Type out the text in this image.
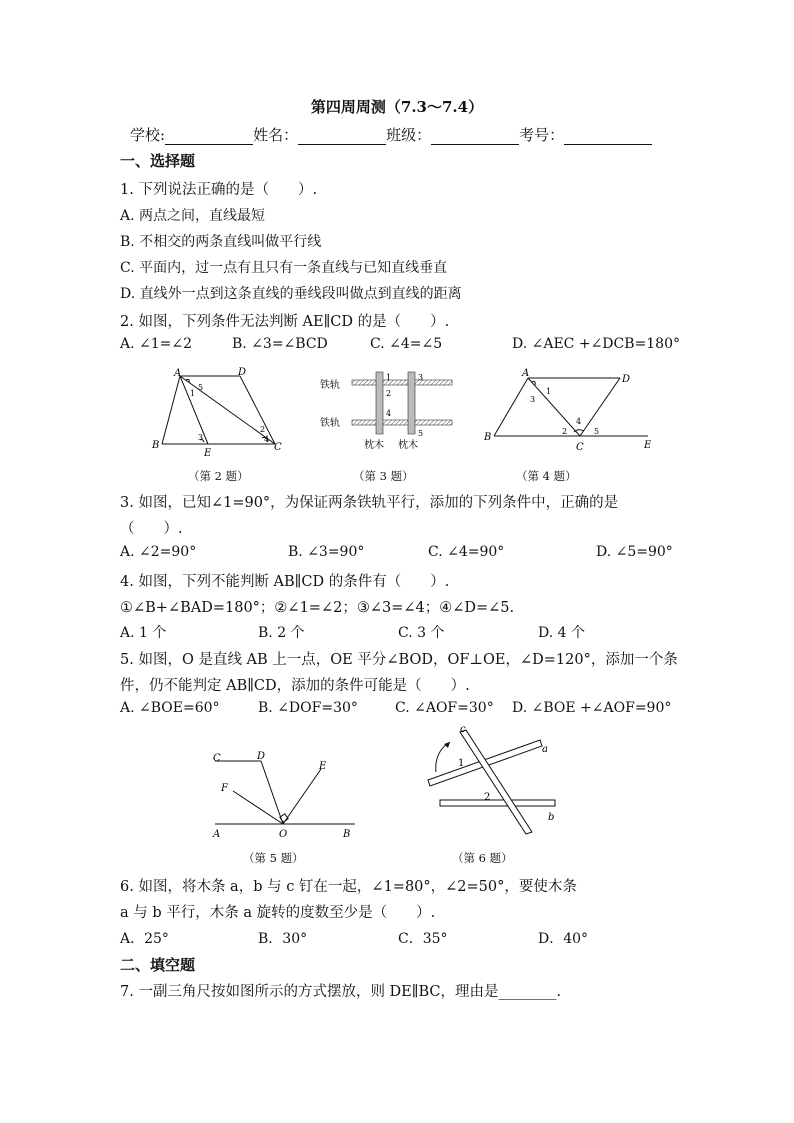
第四周周测（7.3～7.4）
学校:	姓名：	班级：	考号：
一、选择题
1. 下列说法正确的是（　　）.
A. 两点之间，直线最短
B. 不相交的两条直线叫做平行线
C. 平面内，过一点有且只有一条直线与已知直线垂直
D. 直线外一点到这条直线的垂线段叫做点到直线的距离
2. 如图，下列条件无法判断 AE∥CD 的是（　　）.
A. ∠1=∠2	B. ∠3=∠BCD	C. ∠4=∠5	D. ∠AEC +∠DCB=180°
A	D
B
E
C
1
5
2
3	4
（第 2 题）
铁轨
铁轨
枕木 枕木
1
2
3
4
5
（第 3 题）
A
D
B
C	E
1
3
4
2	5
（第 4 题）
3. 如图，已知∠1=90°，为保证两条铁轨平行，添加的下列条件中，正确的是
（　　）.
A. ∠2=90°	B. ∠3=90°	C. ∠4=90°	D. ∠5=90°
4. 如图，下列不能判断 AB∥CD 的条件有（　　）.
①∠B+∠BAD=180°；②∠1=∠2；③∠3=∠4；④∠D=∠5.
A. 1 个	B. 2 个	C. 3 个	D. 4 个
5. 如图，O 是直线 AB 上一点，OE 平分∠BOD，OF⊥OE，∠D=120°，添加一个条
件，仍不能判定 AB∥CD，添加的条件可能是（　　）.
A. ∠BOE=60°	B. ∠DOF=30°	C. ∠AOF=30° D. ∠BOE +∠AOF=90°
C	D
E
F
A	O	B
（第 5 题）
c
a
b
1
2
（第 6 题）
6. 如图，将木条 a，b 与 c 钉在一起，∠1=80°，∠2=50°，要使木条
a 与 b 平行，木条 a 旋转的度数至少是（　　）.
A．25°	B．30°	C．35°	D．40°
二、填空题
7. 一副三角尺按如图所示的方式摆放，则 DE∥BC，理由是________.
